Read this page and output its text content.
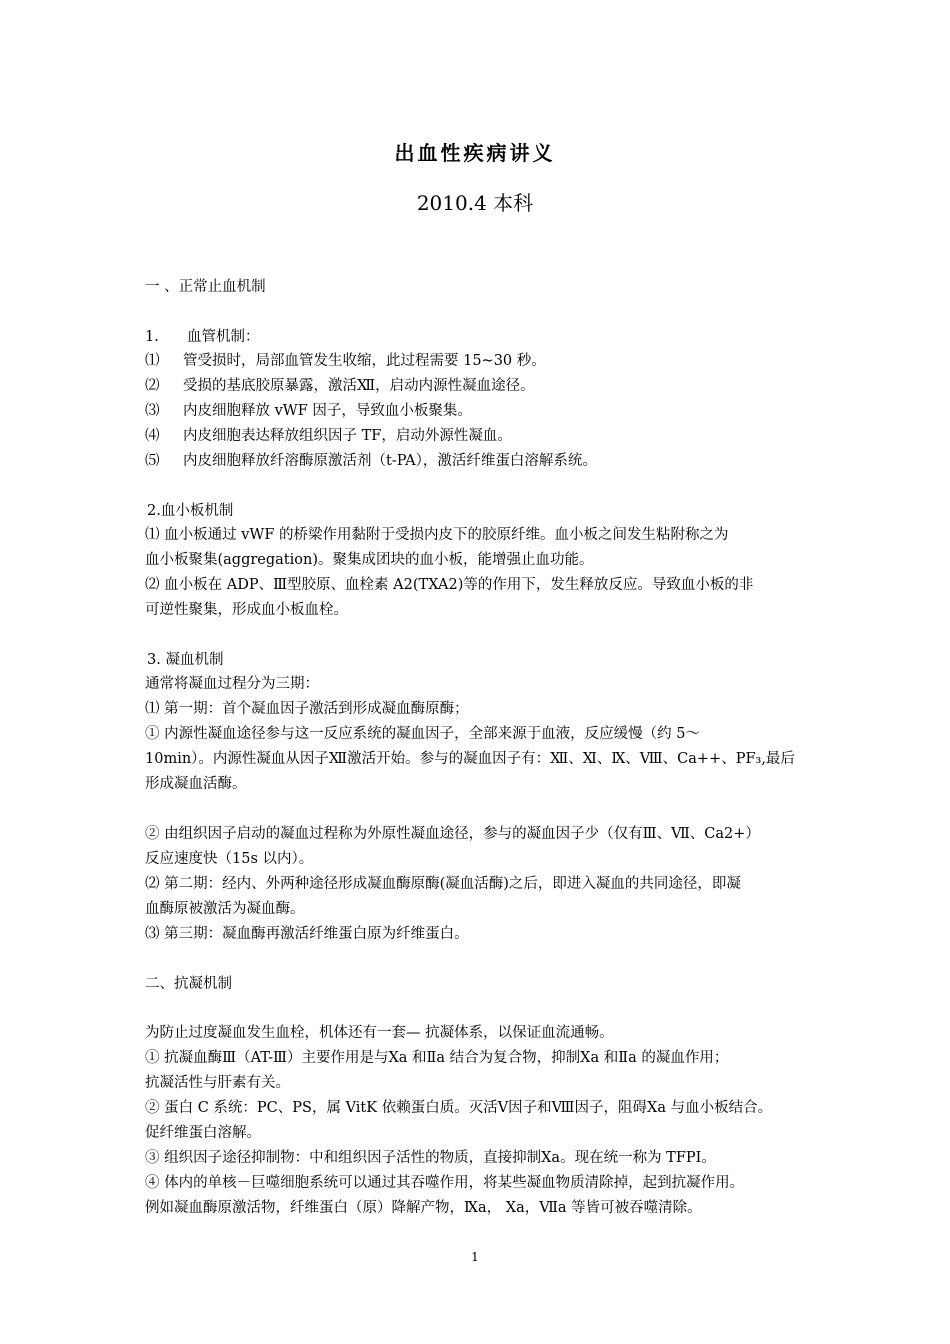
出血性疾病讲义
2010.4 本科
一 、正常止血机制
1.	血管机制：
⑴ 管受损时，局部血管发生收缩，此过程需要 15~30 秒。
⑵ 受损的基底胶原暴露，激活Ⅻ，启动内源性凝血途径。
⑶ 内皮细胞释放 vWF 因子，导致血小板聚集。
⑷ 内皮细胞表达释放组织因子 TF，启动外源性凝血。
⑸ 内皮细胞释放纤溶酶原激活剂（t-PA），激活纤维蛋白溶解系统。
2.血小板机制
⑴ 血小板通过 vWF 的桥梁作用黏附于受损内皮下的胶原纤维。血小板之间发生粘附称之为
血小板聚集(aggregation)。聚集成团块的血小板，能增强止血功能。
⑵ 血小板在 ADP、Ⅲ型胶原、血栓素 A2(TXA2)等的作用下，发生释放反应。导致血小板的非
可逆性聚集，形成血小板血栓。
3. 凝血机制
通常将凝血过程分为三期：
⑴ 第一期：首个凝血因子激活到形成凝血酶原酶；
① 内源性凝血途径参与这一反应系统的凝血因子，全部来源于血液，反应缓慢（约 5～
10min）。内源性凝血从因子Ⅻ激活开始。参与的凝血因子有：Ⅻ、Ⅺ、Ⅸ、Ⅷ、Ca++、PF₃,最后
形成凝血活酶。
② 由组织因子启动的凝血过程称为外原性凝血途径，参与的凝血因子少（仅有Ⅲ、Ⅶ、Ca2+）
反应速度快（15s 以内）。
⑵ 第二期：经内、外两种途径形成凝血酶原酶(凝血活酶)之后，即进入凝血的共同途径，即凝
血酶原被激活为凝血酶。
⑶ 第三期：凝血酶再激活纤维蛋白原为纤维蛋白。
二、抗凝机制
为防止过度凝血发生血栓，机体还有一套— 抗凝体系，以保证血流通畅。
① 抗凝血酶Ⅲ（AT-Ⅲ）主要作用是与Ⅹa 和Ⅱa 结合为复合物，抑制Ⅹa 和Ⅱa 的凝血作用；
抗凝活性与肝素有关。
② 蛋白 C 系统：PC、PS，属 VitK 依赖蛋白质。灭活Ⅴ因子和Ⅷ因子，阻碍Ⅹa 与血小板结合。
促纤维蛋白溶解。
③ 组织因子途径抑制物：中和组织因子活性的物质，直接抑制Ⅹa。现在统一称为 TFPI。
④ 体内的单核－巨噬细胞系统可以通过其吞噬作用，将某些凝血物质清除掉，起到抗凝作用。
例如凝血酶原激活物，纤维蛋白（原）降解产物，Ⅸa， Ⅹa，Ⅶa 等皆可被吞噬清除。
1
